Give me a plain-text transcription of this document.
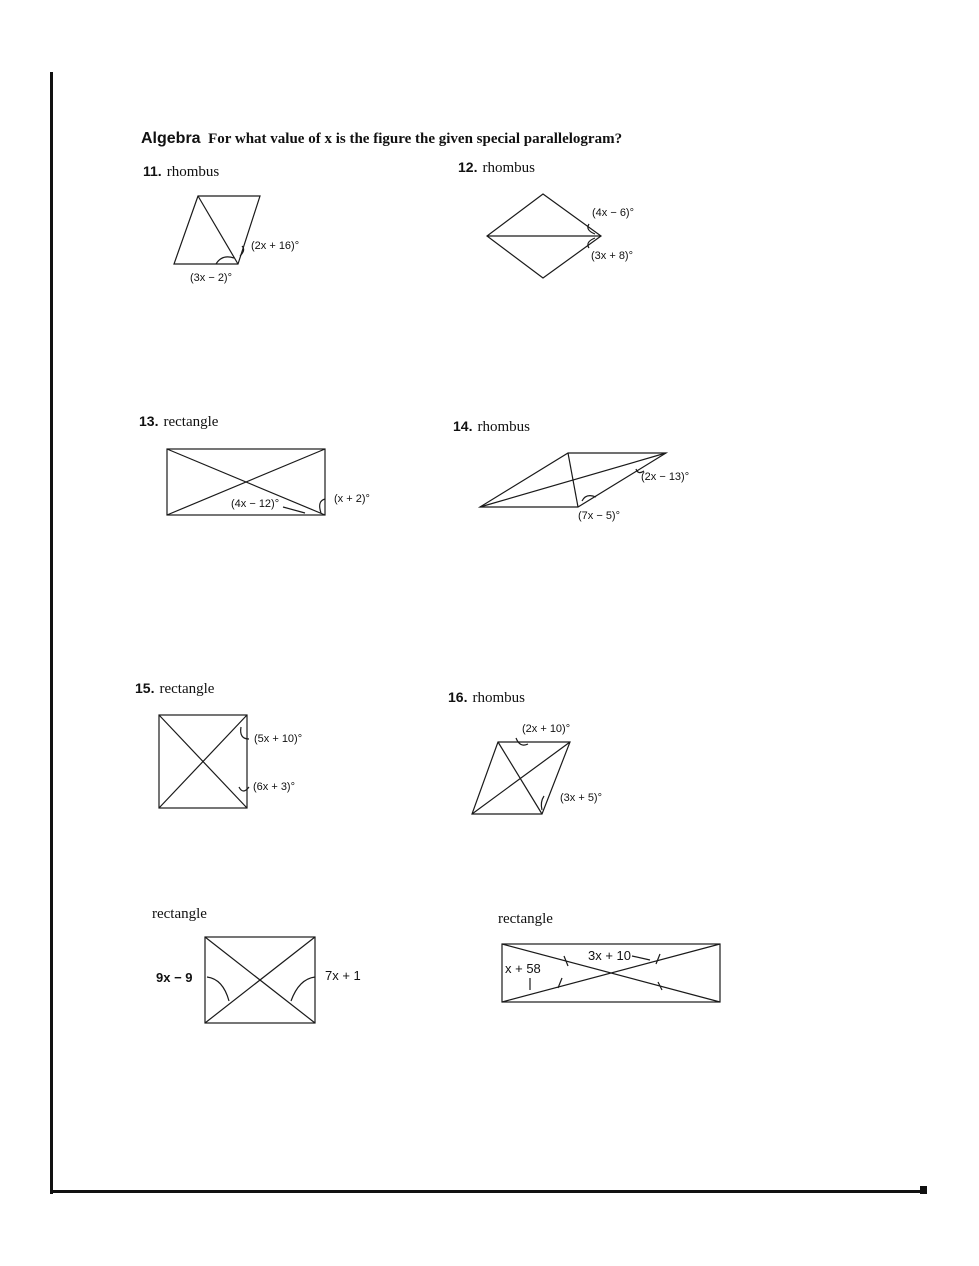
Algebra For what value of x is the figure the given special parallelogram?
11. rhombus
(2x + 16)°
(3x − 2)°
12. rhombus
(4x − 6)°
(3x + 8)°
13. rectangle
(4x − 12)°	(x + 2)°
14. rhombus
(2x − 13)°
(7x − 5)°
15. rectangle
(5x + 10)°
(6x + 3)°
16. rhombus
(2x + 10)°
(3x + 5)°
rectangle
9x − 9	7x + 1
rectangle
x + 58
3x + 10
